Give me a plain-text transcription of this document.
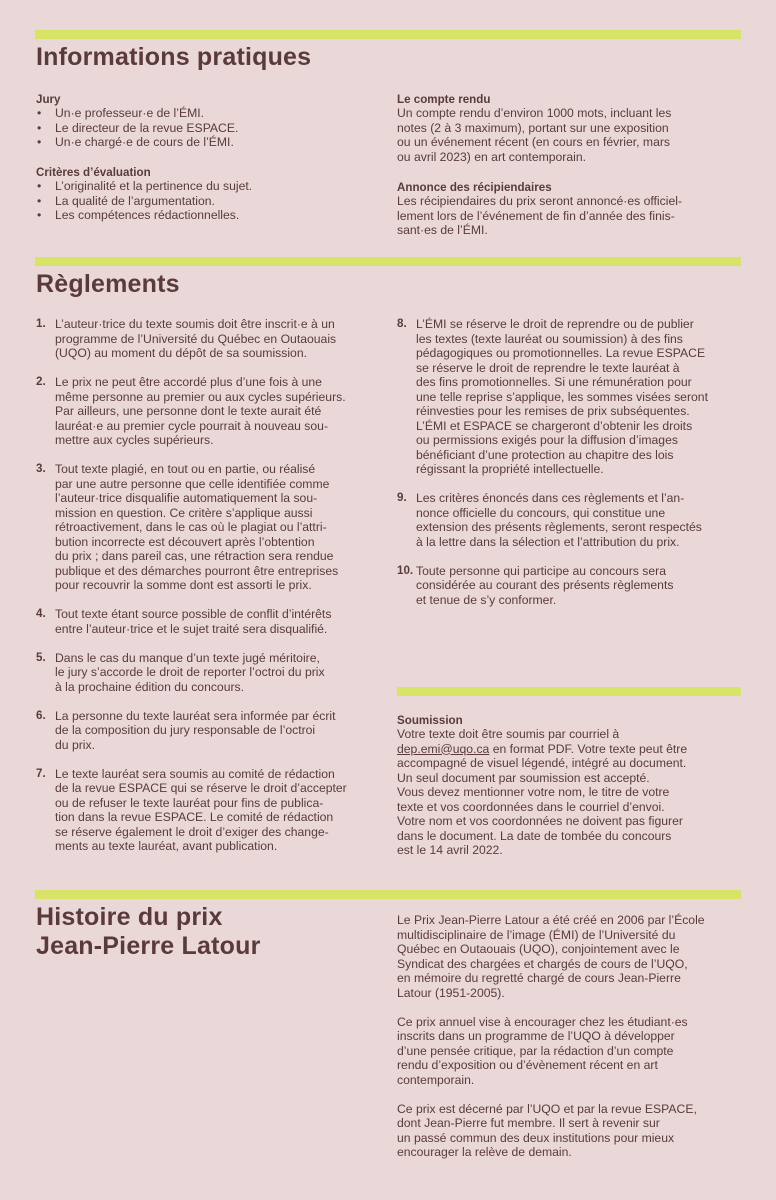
Informations pratiques
Jury
• Un·e professeur·e de l’ÉMI.
• Le directeur de la revue ESPACE.
• Un·e chargé·e de cours de l’ÉMI.
Critères d’évaluation
• L’originalité et la pertinence du sujet.
• La qualité de l’argumentation.
• Les compétences rédactionnelles.
Le compte rendu
Un compte rendu d’environ 1000 mots, incluant les
notes (2 à 3 maximum), portant sur une exposition
ou un événement récent (en cours en février, mars
ou avril 2023) en art contemporain.
Annonce des récipiendaires
Les récipiendaires du prix seront annoncé·es officiel-
lement lors de l’événement de fin d’année des finis-
sant·es de l’ÉMI.
Règlements
1. L’auteur·trice du texte soumis doit être inscrit·e à un
programme de l’Université du Québec en Outaouais
(UQO) au moment du dépôt de sa soumission.
2. Le prix ne peut être accordé plus d’une fois à une
même personne au premier ou aux cycles supérieurs.
Par ailleurs, une personne dont le texte aurait été
lauréat·e au premier cycle pourrait à nouveau sou-
mettre aux cycles supérieurs.
3. Tout texte plagié, en tout ou en partie, ou réalisé
par une autre personne que celle identifiée comme
l’auteur·trice disqualifie automatiquement la sou-
mission en question. Ce critère s’applique aussi
rétroactivement, dans le cas où le plagiat ou l’attri-
bution incorrecte est découvert après l’obtention
du prix ; dans pareil cas, une rétraction sera rendue
publique et des démarches pourront être entreprises
pour recouvrir la somme dont est assorti le prix.
4. Tout texte étant source possible de conflit d’intérêts
entre l’auteur·trice et le sujet traité sera disqualifié.
5. Dans le cas du manque d’un texte jugé méritoire,
le jury s’accorde le droit de reporter l’octroi du prix
à la prochaine édition du concours.
6. La personne du texte lauréat sera informée par écrit
de la composition du jury responsable de l’octroi
du prix.
7. Le texte lauréat sera soumis au comité de rédaction
de la revue ESPACE qui se réserve le droit d’accepter
ou de refuser le texte lauréat pour fins de publica-
tion dans la revue ESPACE. Le comité de rédaction
se réserve également le droit d’exiger des change-
ments au texte lauréat, avant publication.
8. L’ÉMI se réserve le droit de reprendre ou de publier
les textes (texte lauréat ou soumission) à des fins
pédagogiques ou promotionnelles. La revue ESPACE
se réserve le droit de reprendre le texte lauréat à
des fins promotionnelles. Si une rémunération pour
une telle reprise s’applique, les sommes visées seront
réinvesties pour les remises de prix subséquentes.
L’ÉMI et ESPACE se chargeront d’obtenir les droits
ou permissions exigés pour la diffusion d’images
bénéficiant d’une protection au chapitre des lois
régissant la propriété intellectuelle.
9. Les critères énoncés dans ces règlements et l’an-
nonce officielle du concours, qui constitue une
extension des présents règlements, seront respectés
à la lettre dans la sélection et l’attribution du prix.
10. Toute personne qui participe au concours sera
considérée au courant des présents règlements
et tenue de s’y conformer.
Soumission
Votre texte doit être soumis par courriel à
dep.emi@uqo.ca en format PDF. Votre texte peut être
accompagné de visuel légendé, intégré au document.
Un seul document par soumission est accepté.
Vous devez mentionner votre nom, le titre de votre
texte et vos coordonnées dans le courriel d’envoi.
Votre nom et vos coordonnées ne doivent pas figurer
dans le document. La date de tombée du concours
est le 14 avril 2022.
Histoire du prix
Jean-Pierre Latour
Le Prix Jean-Pierre Latour a été créé en 2006 par l’École
multidisciplinaire de l’image (ÉMI) de l’Université du
Québec en Outaouais (UQO), conjointement avec le
Syndicat des chargées et chargés de cours de l’UQO,
en mémoire du regretté chargé de cours Jean-Pierre
Latour (1951-2005).
Ce prix annuel vise à encourager chez les étudiant·es
inscrits dans un programme de l’UQO à développer
d’une pensée critique, par la rédaction d’un compte
rendu d’exposition ou d’évènement récent en art
contemporain.
Ce prix est décerné par l’UQO et par la revue ESPACE,
dont Jean-Pierre fut membre. Il sert à revenir sur
un passé commun des deux institutions pour mieux
encourager la relève de demain.
